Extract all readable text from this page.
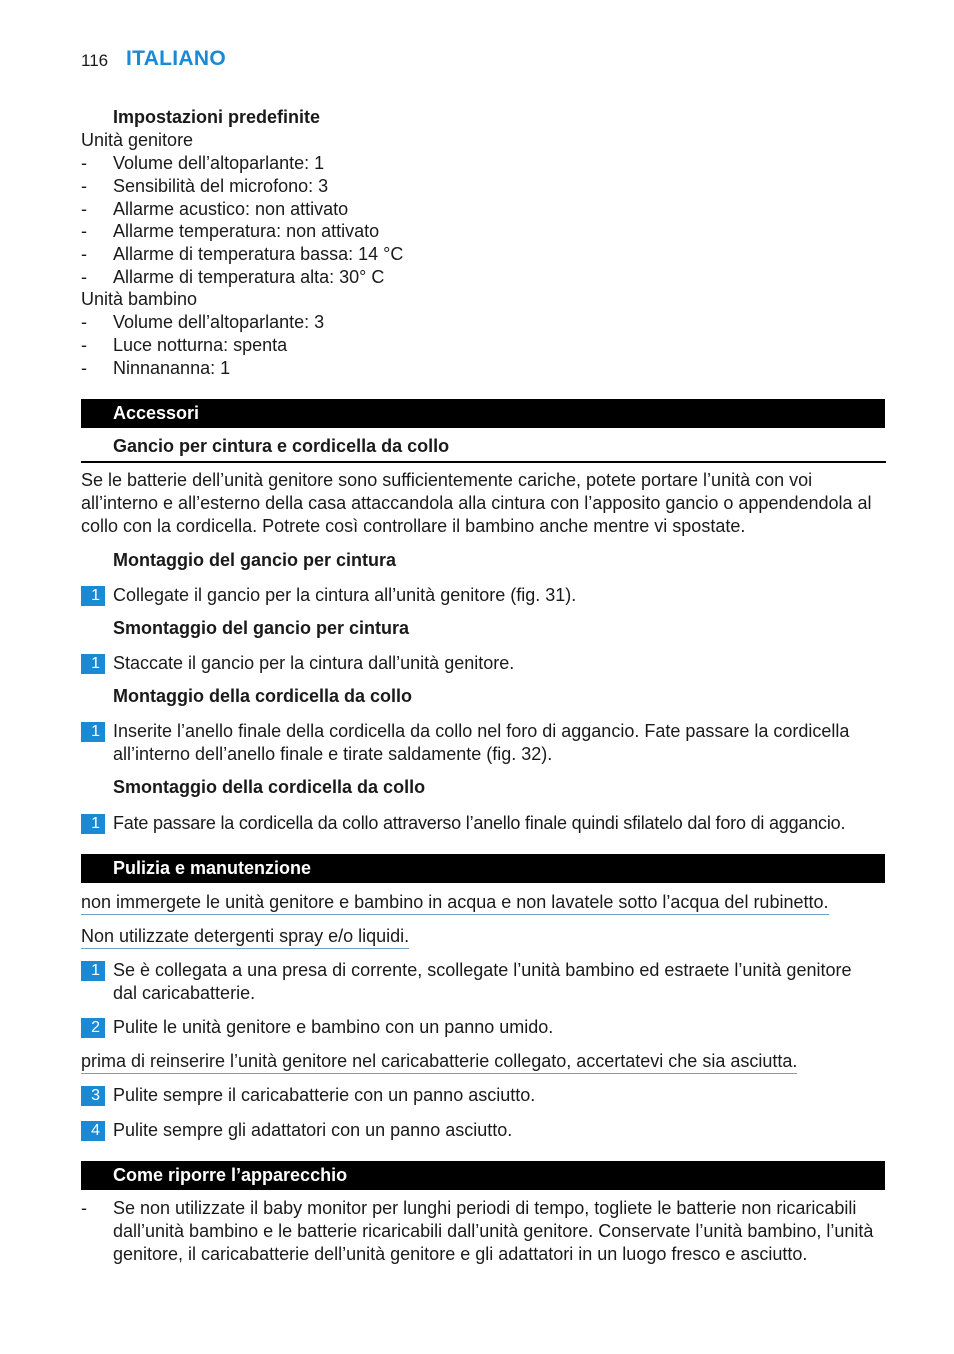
116 ITALIANO
Impostazioni predefinite
Unità genitore
- Volume dell’altoparlante: 1
- Sensibilità del microfono: 3
- Allarme acustico: non attivato
- Allarme temperatura: non attivato
- Allarme di temperatura bassa: 14 °C
- Allarme di temperatura alta: 30° C
Unità bambino
- Volume dell’altoparlante: 3
- Luce notturna: spenta
- Ninnananna: 1
Accessori
Gancio per cintura e cordicella da collo
Se le batterie dell’unità genitore sono sufficientemente cariche, potete portare l’unità con voi
all’interno e all’esterno della casa attaccandola alla cintura con l’apposito gancio o appendendola al
collo con la cordicella. Potrete così controllare il bambino anche mentre vi spostate.
Montaggio del gancio per cintura
1 Collegate il gancio per la cintura all’unità genitore (fig. 31).
Smontaggio del gancio per cintura
1 Staccate il gancio per la cintura dall’unità genitore.
Montaggio della cordicella da collo
1 Inserite l’anello finale della cordicella da collo nel foro di aggancio. Fate passare la cordicella
all’interno dell’anello finale e tirate saldamente (fig. 32).
Smontaggio della cordicella da collo
1 Fate passare la cordicella da collo attraverso l’anello finale quindi sfilatelo dal foro di aggancio.
Pulizia e manutenzione
non immergete le unità genitore e bambino in acqua e non lavatele sotto l’acqua del rubinetto.
Non utilizzate detergenti spray e/o liquidi.
1 Se è collegata a una presa di corrente, scollegate l’unità bambino ed estraete l’unità genitore
dal caricabatterie.
2 Pulite le unità genitore e bambino con un panno umido.
prima di reinserire l’unità genitore nel caricabatterie collegato, accertatevi che sia asciutta.
3 Pulite sempre il caricabatterie con un panno asciutto.
4 Pulite sempre gli adattatori con un panno asciutto.
Come riporre l’apparecchio
- Se non utilizzate il baby monitor per lunghi periodi di tempo, togliete le batterie non ricaricabili
dall’unità bambino e le batterie ricaricabili dall’unità genitore. Conservate l’unità bambino, l’unità
genitore, il caricabatterie dell’unità genitore e gli adattatori in un luogo fresco e asciutto.
